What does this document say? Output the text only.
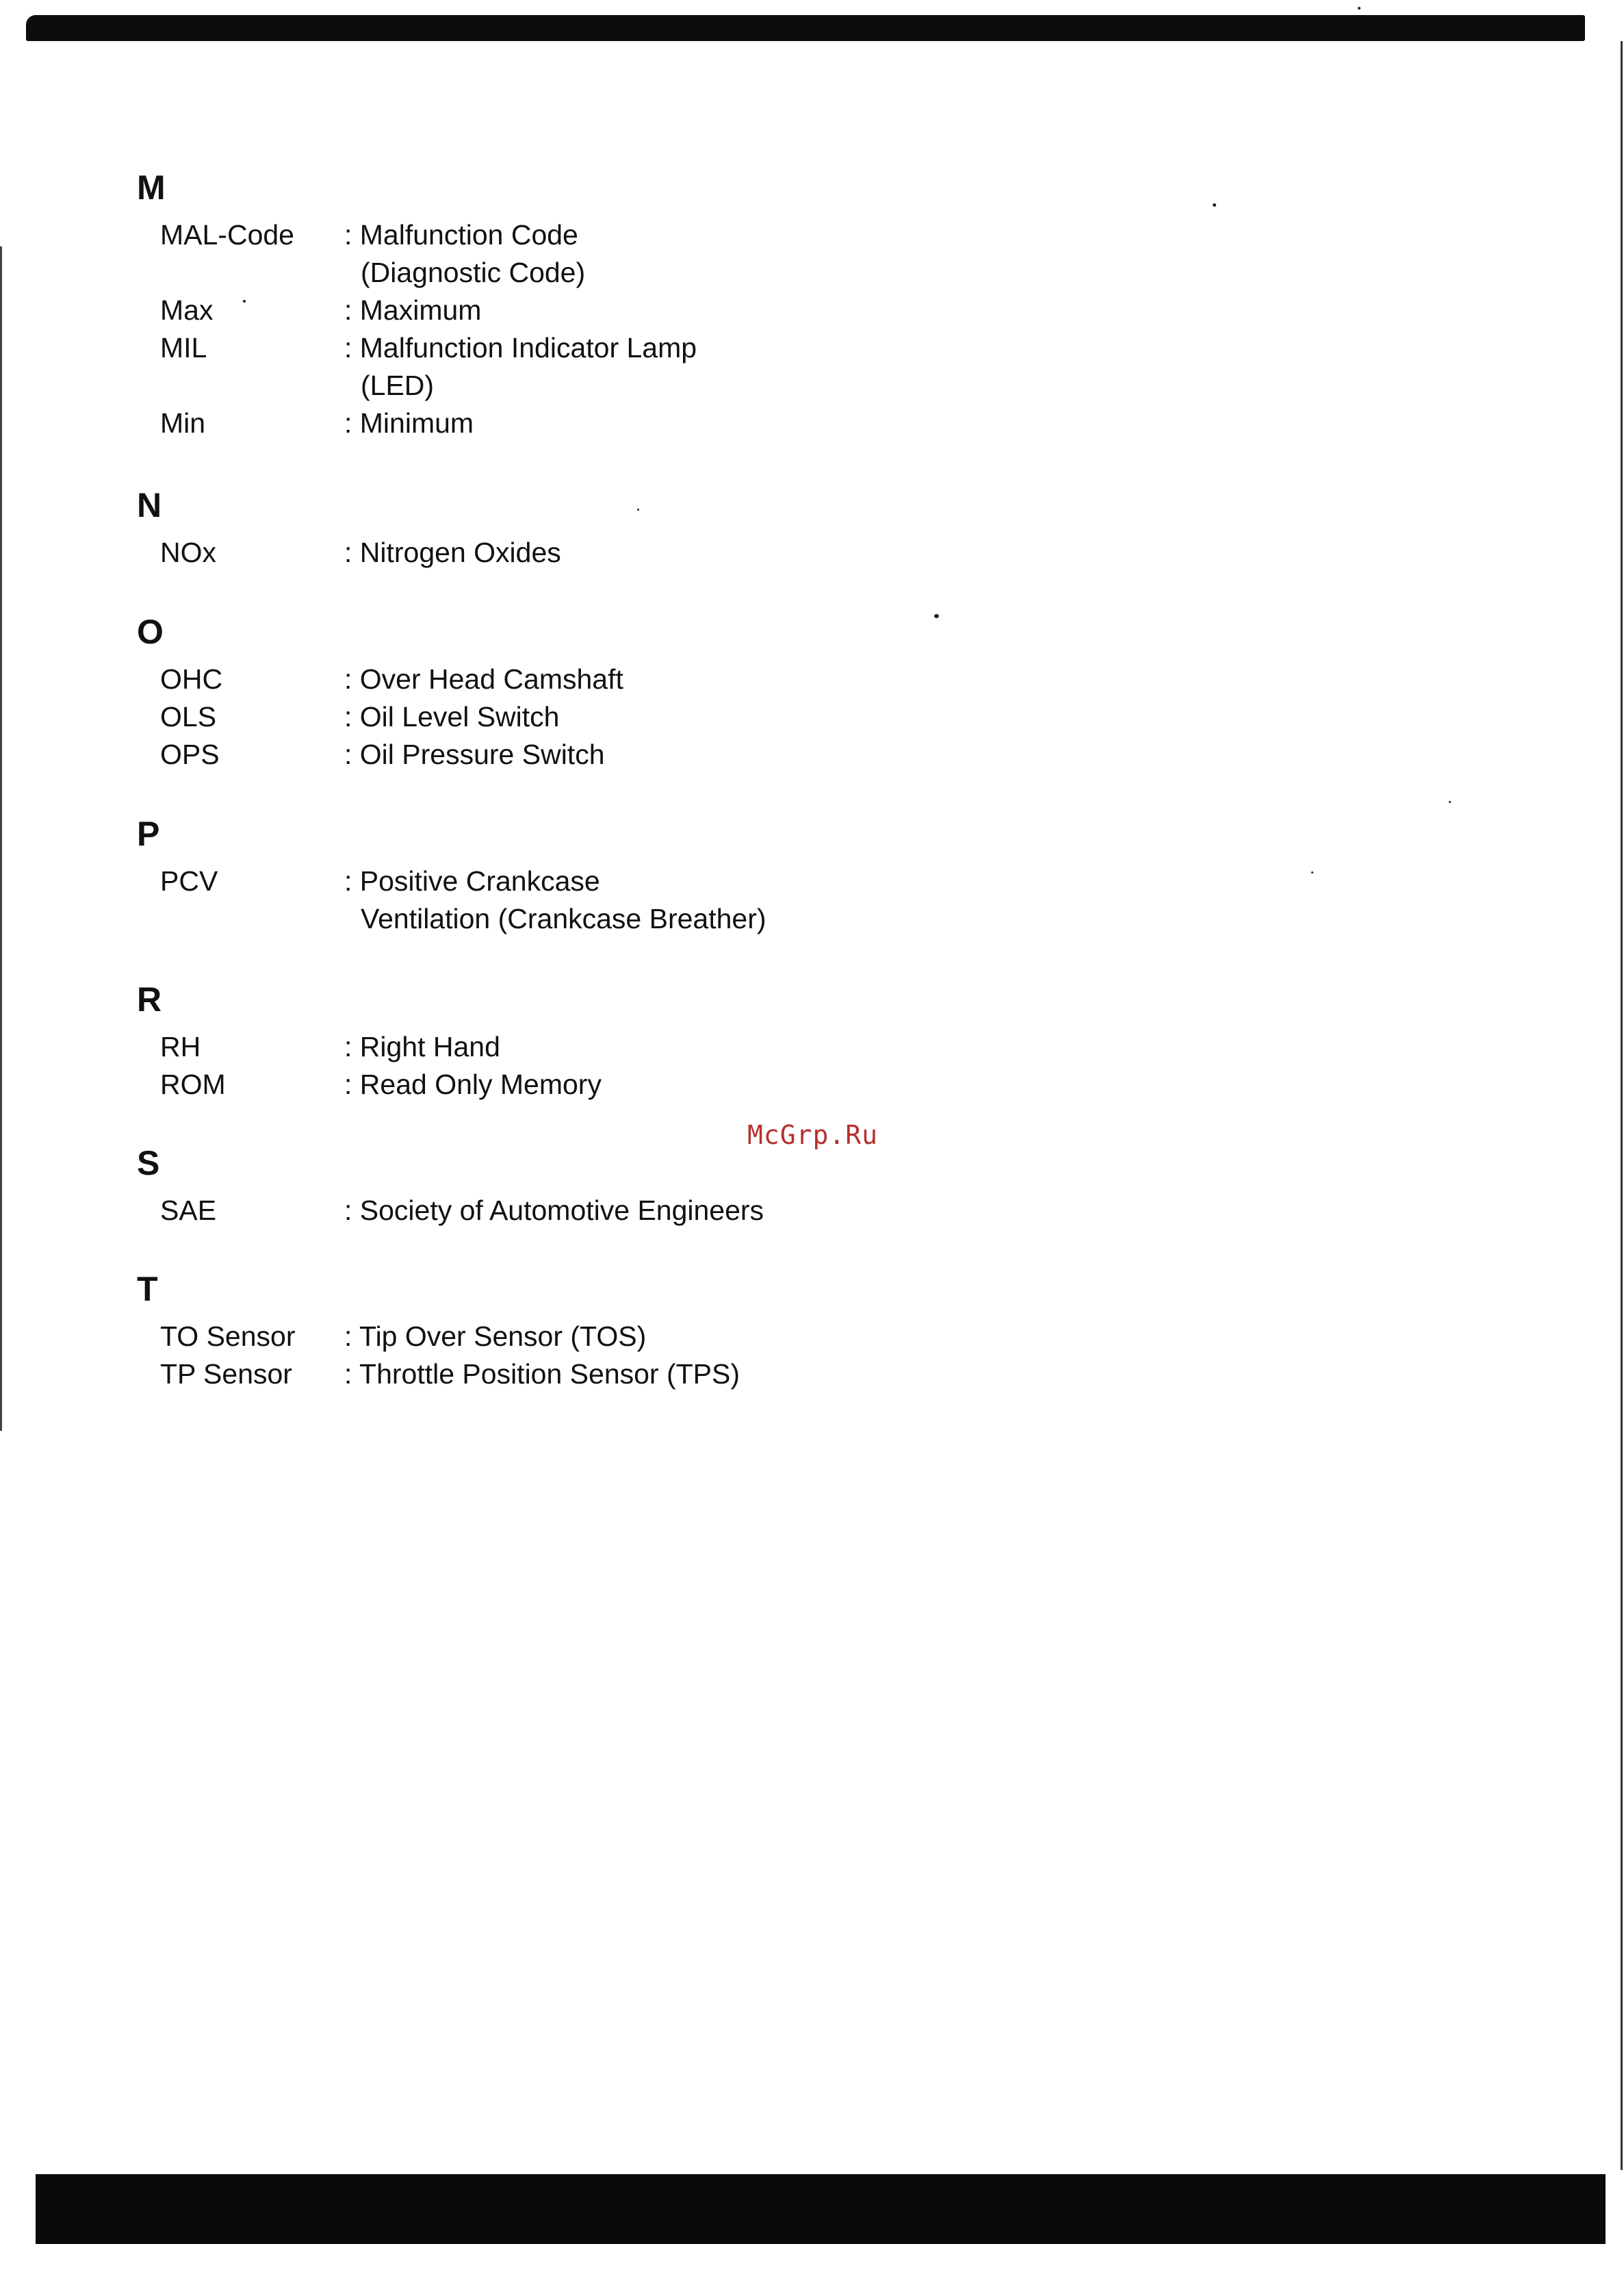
M
MAL-Code : Malfunction Code
(Diagnostic Code)
Max	: Maximum
MIL	: Malfunction Indicator Lamp
(LED)
Min	: Minimum
N
NOx	: Nitrogen Oxides
O
OHC	: Over Head Camshaft
OLS	: Oil Level Switch
OPS	: Oil Pressure Switch
P
PCV	: Positive Crankcase
Ventilation (Crankcase Breather)
R
RH	: Right Hand
ROM	: Read Only Memory
S
SAE	: Society of Automotive Engineers
T
TO Sensor : Tip Over Sensor (TOS)
TP Sensor : Throttle Position Sensor (TPS)
McGrp.Ru
